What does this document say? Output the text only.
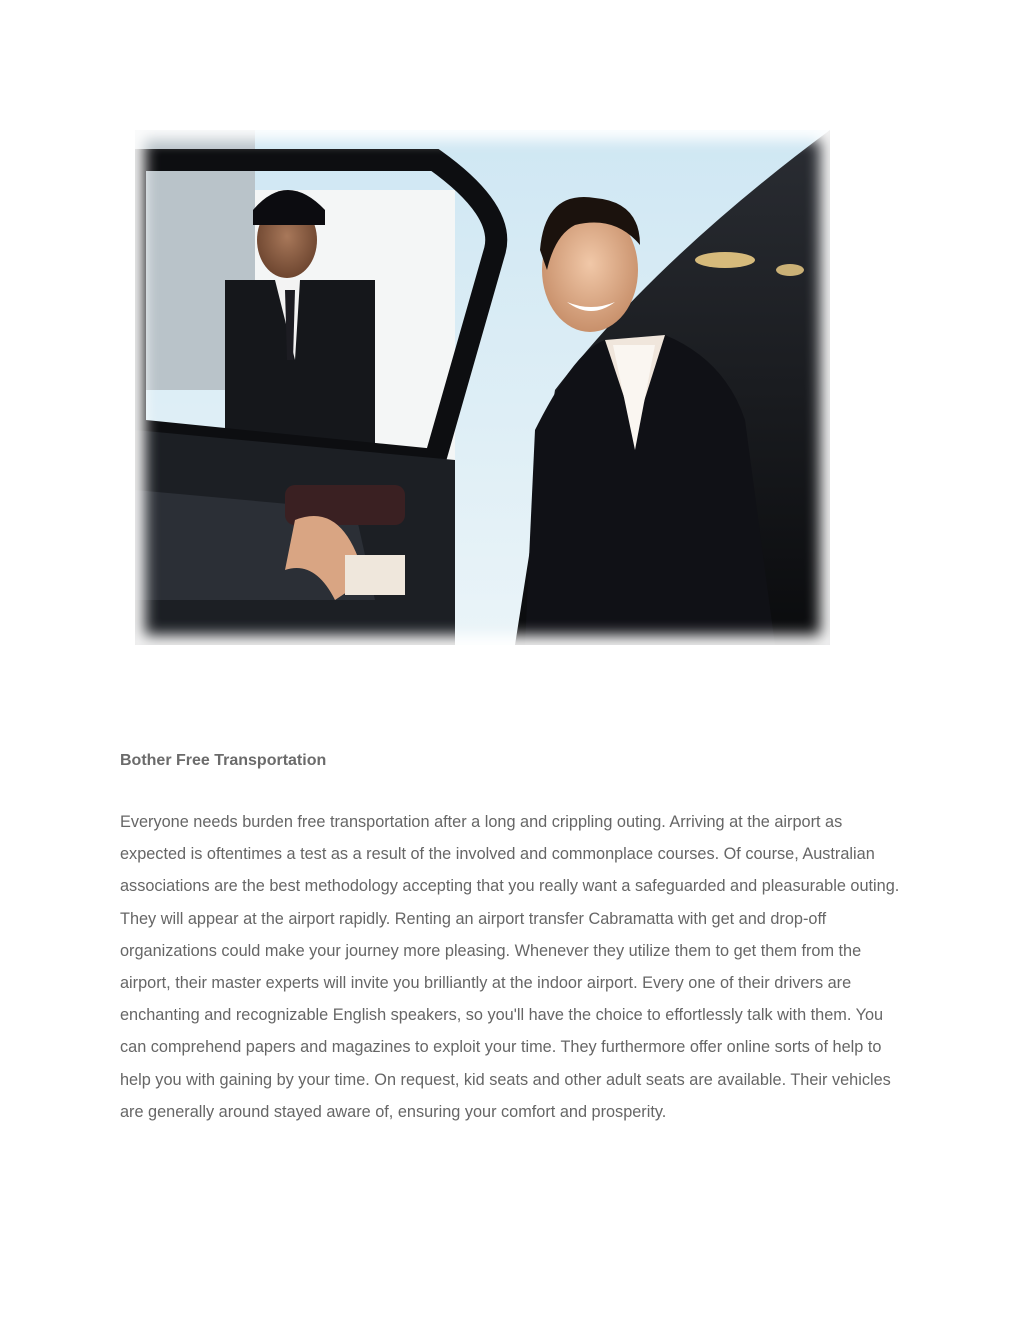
Bother Free Transportation

Everyone needs burden free transportation after a long and crippling outing. Arriving at the airport as expected is oftentimes a test as a result of the involved and commonplace courses. Of course, Australian associations are the best methodology accepting that you really want a safeguarded and pleasurable outing. They will appear at the airport rapidly. Renting an airport transfer Cabramatta with get and drop-off organizations could make your journey more pleasing. Whenever they utilize them to get them from the airport, their master experts will invite you brilliantly at the indoor airport. Every one of their drivers are enchanting and recognizable English speakers, so you'll have the choice to effortlessly talk with them. You can comprehend papers and magazines to exploit your time. They furthermore offer online sorts of help to help you with gaining by your time. On request, kid seats and other adult seats are available. Their vehicles are generally around stayed aware of, ensuring your comfort and prosperity.
